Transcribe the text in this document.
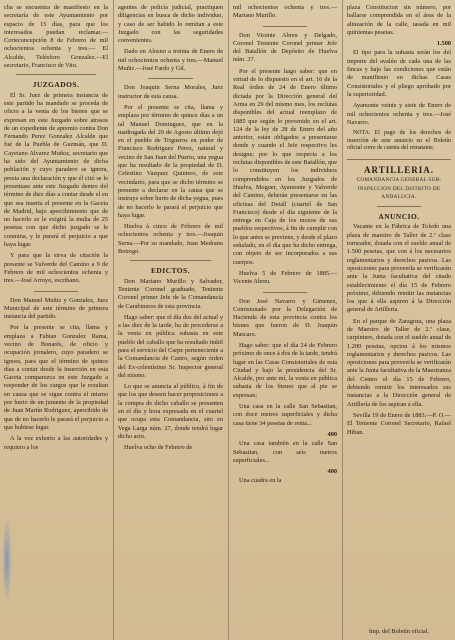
cha se encuentra de manifiesto en la secretaría de este Ayuntamiento por espacio de 15 días, para que los interesados puedan reclamar.—Corteconcepción 8 de Febrero de mil ochocientos ochenta y tres.— El Alcalde, Telésforo Gonzalez.—El secretario, Francisco de Vito.

JUZGADOS.

El Sr. Juez de primera instancia de este partido ha mandado se proceda de oficio a la venta de los bienes que se expresan en este Juzgado sobre atrasos de un expediente de apremio contra Don Fernando Perez Gonzalez Alcalde que fué de la Puebla de Guzmán, que D. Cayetano Alvarez Muñoz, secretario que ha sido del Ayuntamiento de dicha población y cuyo paradero se ignora, presta una declaración y que él citó se le presentase ante este Juzgado dentro del término de diez días a contar desde el en que sea inserta el presente en la Gaceta de Madrid, bajo apercibimiento que de no hacerlo se le exigirá la multa de 25 pesetas con que dicho juzgado se le conmina, y le parará el perjuicio a que haya lugar.

Y para que la sirva de citación la presente se Valverde del Camino a 9 de Febrero de mil ochocientos ochenta y tres.—José Arroyo, escribano.

Don Manuel Muñiz y Gonzalez, Juez Municipal de este término de primera instancia del partido.

Por la presente se cita, llama y emplaza a Fabian Gonzalez Rama, vecino de Bonarés, de oficio y ocupación jornalero, cuyo paradero se ignora, para que el término de quince días a contar desde la inserción en esta Gaceta comparezca en este Juzgado a responder de los cargos que le resultan en causa que se sigue contra el mismo por hurto de un jumento de la propiedad de Juan Martín Rodriguez, apercibido de que de no hacerlo le parará el perjuicio a que hubiese lugar.

A la vez exhorto a las autoridades y requiero a los

agentes de policía judicial, practiquen diligencias en busca de dicho individuo, y caso de ser habido lo remitan a este Juzgado con las seguridades convenientes.

Dado en Alosno a treinta de Enero de mil ochocientos ochenta y tres.—Manuel Muñiz.—José Fardo y Gil.

Don Joaquin Serna Morales, Juez instructor de esta causa.

Por el presente se cita, llama y emplaza por término de quince días a un tal Manuel Dominguez, que en la madrugada del 29 de Agosto último dejó en el pueblo de Trigueros en poder de Francisco Rodriguez Perez, natural y vecino de San Juan del Puerto, una yegua que ha resultado de la propiedad de D. Celestino Vazquez Quintero, de este vecindario, para que se dicho término se presente a declarar en la causa que se instruye sobre hurto de dicha yegua, pues de no hacerlo le parará el perjuicio que haya lugar.

Huelva á cinco de Febrero de mil ochocientos ochenta y tres.—Joaquin Serna.—Por su mandado, Juan Medrano Botrego.

EDICTOS.

Don Mariano Murillo y Salvador, Teniente Coronel graduado, Teniente Coronel primer Jefe de la Comandancia de Carabineros de esta provincia.

Hago saber: que el día dos del actual y a las diez de la tarde, ha de procederse a la venta en pública subasta en este pueblo del caballo que ha resultado inútil para el servicio del Carpe perteneciente a la Comandancia de Castro, según órden del Ex-celentísimo Sr. Inspector general del mismo.

Lo que se anuncia al público, á fin de que los que deseen hacer proposiciones a la compra de dicho caballo se presenten en el día y hora expresada en el cuartel que ocupa esta Comandancia, sito en Vega Larga núm. 27, donde tendrá lugar dicho acto.

Huelva ocho de Febrero de

mil ochocientos ochenta y tres.—Mariano Murillo.

Don Vicente Abreu y Delgado, Coronel Teniente Coronel primer Jefe del Batallón de Depósito de Huelva núm. 37.

Por el presente hago saber: que en virtud de lo dispuesto en el art. 16 de la Real órden de 24 de Enero último dictada por la Dirección general del Arma en 29 del mismo mes, los reclutas disponibles del actual reemplazo de 1885 que según lo prevenido en el art. 124 de la ley de 28 de Enero del año anterior, están obligados a presentarse donde y cuando el Jefe respectivo les designe; por lo que respecta a los reclutas disponibles de este Batallón, que lo constituyen los individuos comprendidos en los Juzgados de Huelva, Moguer, Ayamonte y Valverde del Camino, deberán presentarse en las oficinas del Detall (cuartel de San Francisco) desde el día siguiente de la entrega en Caja de los mozos de sus pueblos respectivos, á fin de cumplir con lo que antes se previene, y desde el plazo señalado, en el día que ha dicho entrega, con objeto de ser incorporados a sus cuerpos.

Huelva 5 de Febrero de 1885.—Vicente Abreu.

Don José Navarro y Gimenez, Comisionado por la Delegación de Hacienda de esta provincia contra los bienes que fueron de D. Joaquin Mascaro.

Hago saber: que el día 24 de Febrero próximo de once á dos de la tarde, tendrá lugar en las Casas Consistoriales de esta Ciudad y bajo la presidencia del Sr. Alcalde, por ante mí, la venta en pública subasta de los bienes que al pie se expresan:

Una casa en la calle San Sebastian, con doce metros superficiales y dicha casa tiene 34 pesetas de renta...

400

Una casa también en la calle San Sebastian, con seis metros superficiales...

400

Una cuadra en la

plaza Constitucion sin número, por hallarse comprendida en el área de la alineación de la calle, tasada en mil quinientas pesetas.

1.500

El tipo para la subasta serán los del importe del avalúo de cada una de las fincas y bajo las condiciones que están de manifiesto en dichas Casas Consistoriales y el pliego aprobado por la superioridad.

Ayamonte veinte y siete de Enero de mil ochocientos ochenta y tres.—José Navarro.

NOTA: El pago de los derechos de inserción de este anuncio en el Boletín oficial corre de cuenta del rematante.

ARTILLERIA.
COMANDANCIA GENERAL SUB-INSPECCION DEL DISTRITO DE ANDALUCIA.
ANUNCIO.

Vacante en la Fábrica de Toledo una plaza de maestro de Taller de 2.ª clase torneador, dotada con el sueldo anual de 1.500 pesetas, que con á los necesarios reglamentarios y derechos pasivos. Las oposiciones para proveerla se verificarán ante la Junta facultativa del citado establecimiento el día 15 de Febrero próximo, debiendo remitir las instancias los que á ella aspiren á la Dirección general de Artillería.

En el parque de Zaragoza, una plaza de Maestro de Taller de 2.ª clase, carpintero, dotada con el sueldo anual de 1.200 pesetas, opcion á los mismos reglamentarios y derechos pasivos. Las oposiciones para proveerla se verificarán ante la Junta facultativa de la Maestranza del Centro el día 15 de Febrero, debiendo remitir los interesados sus instancias a la Dirección general de Artillería de los aspiran á ella.

Sevilla 19 de Enero de 1883.—P. O.—El Teniente Coronel Secretario, Rafael Hiban.

Imp. del Boletín oficial.
